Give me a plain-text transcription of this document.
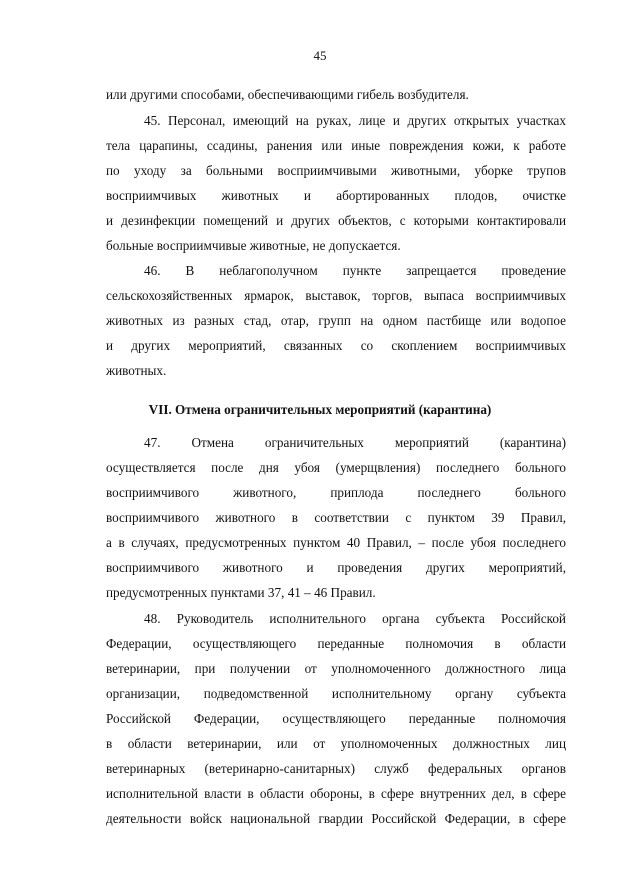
45
или другими способами, обеспечивающими гибель возбудителя.
45. Персонал, имеющий на руках, лице и других открытых участках
тела царапины, ссадины, ранения или иные повреждения кожи, к работе
по уходу за больными восприимчивыми животными, уборке трупов
восприимчивых животных и абортированных плодов, очистке
и дезинфекции помещений и других объектов, с которыми контактировали
больные восприимчивые животные, не допускается.
46. В неблагополучном пункте запрещается проведение
сельскохозяйственных ярмарок, выставок, торгов, выпаса восприимчивых
животных из разных стад, отар, групп на одном пастбище или водопое
и других мероприятий, связанных со скоплением восприимчивых
животных.
VII. Отмена ограничительных мероприятий (карантина)
47. Отмена ограничительных мероприятий (карантина)
осуществляется после дня убоя (умерщвления) последнего больного
восприимчивого животного, приплода последнего больного
восприимчивого животного в соответствии с пунктом 39 Правил,
а в случаях, предусмотренных пунктом 40 Правил, – после убоя последнего
восприимчивого животного и проведения других мероприятий,
предусмотренных пунктами 37, 41 – 46 Правил.
48. Руководитель исполнительного органа субъекта Российской
Федерации, осуществляющего переданные полномочия в области
ветеринарии, при получении от уполномоченного должностного лица
организации, подведомственной исполнительному органу субъекта
Российской Федерации, осуществляющего переданные полномочия
в области ветеринарии, или от уполномоченных должностных лиц
ветеринарных (ветеринарно-санитарных) служб федеральных органов
исполнительной власти в области обороны, в сфере внутренних дел, в сфере
деятельности войск национальной гвардии Российской Федерации, в сфере
